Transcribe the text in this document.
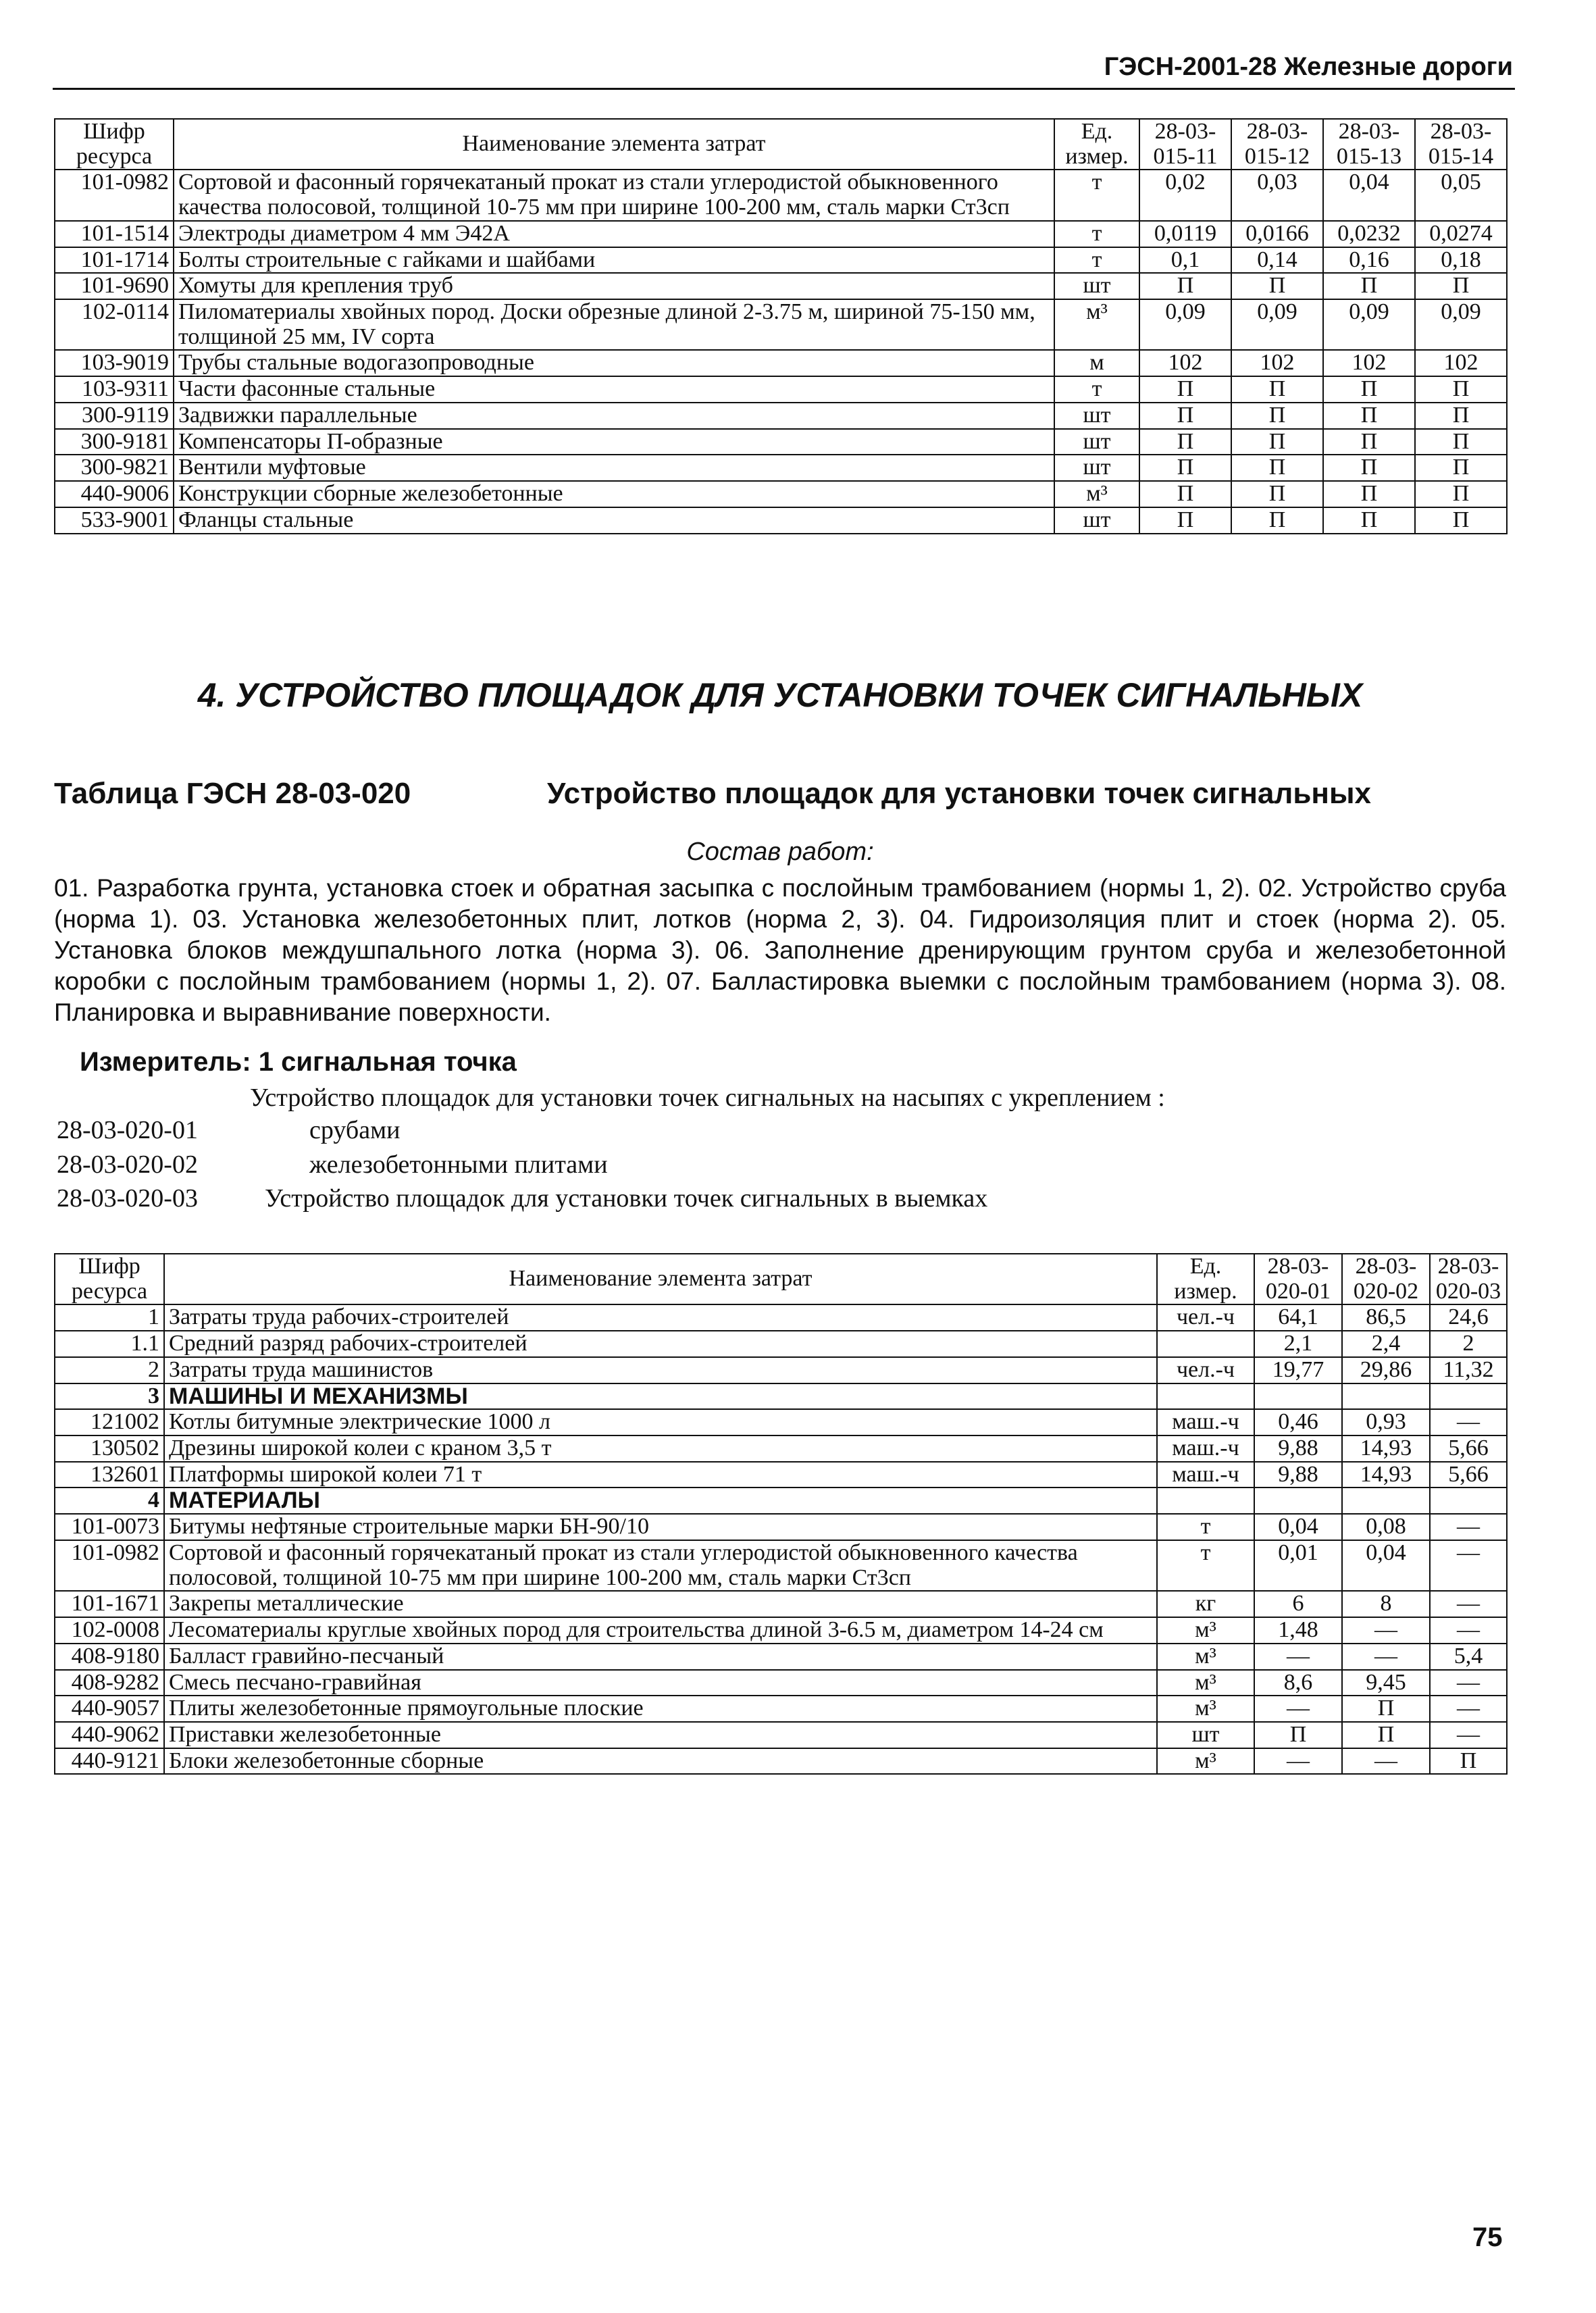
ГЭСН-2001-28 Железные дороги
Шифр ресурса	Наименование элемента затрат	Ед. измер.	28-03-015-11	28-03-015-12	28-03-015-13	28-03-015-14
101-0982	Сортовой и фасонный горячекатаный прокат из стали углеродистой обыкновенного качества полосовой, толщиной 10-75 мм при ширине 100-200 мм, сталь марки Ст3сп	т	0,02	0,03	0,04	0,05
101-1514	Электроды диаметром 4 мм Э42А	т	0,0119	0,0166	0,0232	0,0274
101-1714	Болты строительные с гайками и шайбами	т	0,1	0,14	0,16	0,18
101-9690	Хомуты для крепления труб	шт	П	П	П	П
102-0114	Пиломатериалы хвойных пород. Доски обрезные длиной 2-3.75 м, шириной 75-150 мм, толщиной 25 мм, IV сорта	м³	0,09	0,09	0,09	0,09
103-9019	Трубы стальные водогазопроводные	м	102	102	102	102
103-9311	Части фасонные стальные	т	П	П	П	П
300-9119	Задвижки параллельные	шт	П	П	П	П
300-9181	Компенсаторы П-образные	шт	П	П	П	П
300-9821	Вентили муфтовые	шт	П	П	П	П
440-9006	Конструкции сборные железобетонные	м³	П	П	П	П
533-9001	Фланцы стальные	шт	П	П	П	П
4. УСТРОЙСТВО ПЛОЩАДОК ДЛЯ УСТАНОВКИ ТОЧЕК СИГНАЛЬНЫХ
Таблица ГЭСН 28-03-020	Устройство площадок для установки точек сигнальных
Состав работ:
01. Разработка грунта, установка стоек и обратная засыпка с послойным трамбованием (нормы 1, 2). 02. Устройство сруба (норма 1). 03. Установка железобетонных плит, лотков (норма 2, 3). 04. Гидроизоляция плит и стоек (норма 2). 05. Установка блоков междушпального лотка (норма 3). 06. Заполнение дренирующим грунтом сруба и железобетонной коробки с послойным трамбованием (нормы 1, 2). 07. Балластировка выемки с послойным трамбованием (норма 3). 08. Планировка и выравнивание поверхности.
Измеритель: 1 сигнальная точка
Устройство площадок для установки точек сигнальных на насыпях с укреплением :
28-03-020-01	срубами
28-03-020-02	железобетонными плитами
28-03-020-03	Устройство площадок для установки точек сигнальных в выемках
Шифр ресурса	Наименование элемента затрат	Ед. измер.	28-03-020-01	28-03-020-02	28-03-020-03
1	Затраты труда рабочих-строителей	чел.-ч	64,1	86,5	24,6
1.1	Средний разряд рабочих-строителей		2,1	2,4	2
2	Затраты труда машинистов	чел.-ч	19,77	29,86	11,32
3	МАШИНЫ И МЕХАНИЗМЫ				
121002	Котлы битумные электрические 1000 л	маш.-ч	0,46	0,93	—
130502	Дрезины широкой колеи с краном 3,5 т	маш.-ч	9,88	14,93	5,66
132601	Платформы широкой колеи 71 т	маш.-ч	9,88	14,93	5,66
4	МАТЕРИАЛЫ				
101-0073	Битумы нефтяные строительные марки БН-90/10	т	0,04	0,08	—
101-0982	Сортовой и фасонный горячекатаный прокат из стали углеродистой обыкновенного качества полосовой, толщиной 10-75 мм при ширине 100-200 мм, сталь марки Ст3сп	т	0,01	0,04	—
101-1671	Закрепы металлические	кг	6	8	—
102-0008	Лесоматериалы круглые хвойных пород для строительства длиной 3-6.5 м, диаметром 14-24 см	м³	1,48	—	—
408-9180	Балласт гравийно-песчаный	м³	—	—	5,4
408-9282	Смесь песчано-гравийная	м³	8,6	9,45	—
440-9057	Плиты железобетонные прямоугольные плоские	м³	—	П	—
440-9062	Приставки железобетонные	шт	П	П	—
440-9121	Блоки железобетонные сборные	м³	—	—	П
75
